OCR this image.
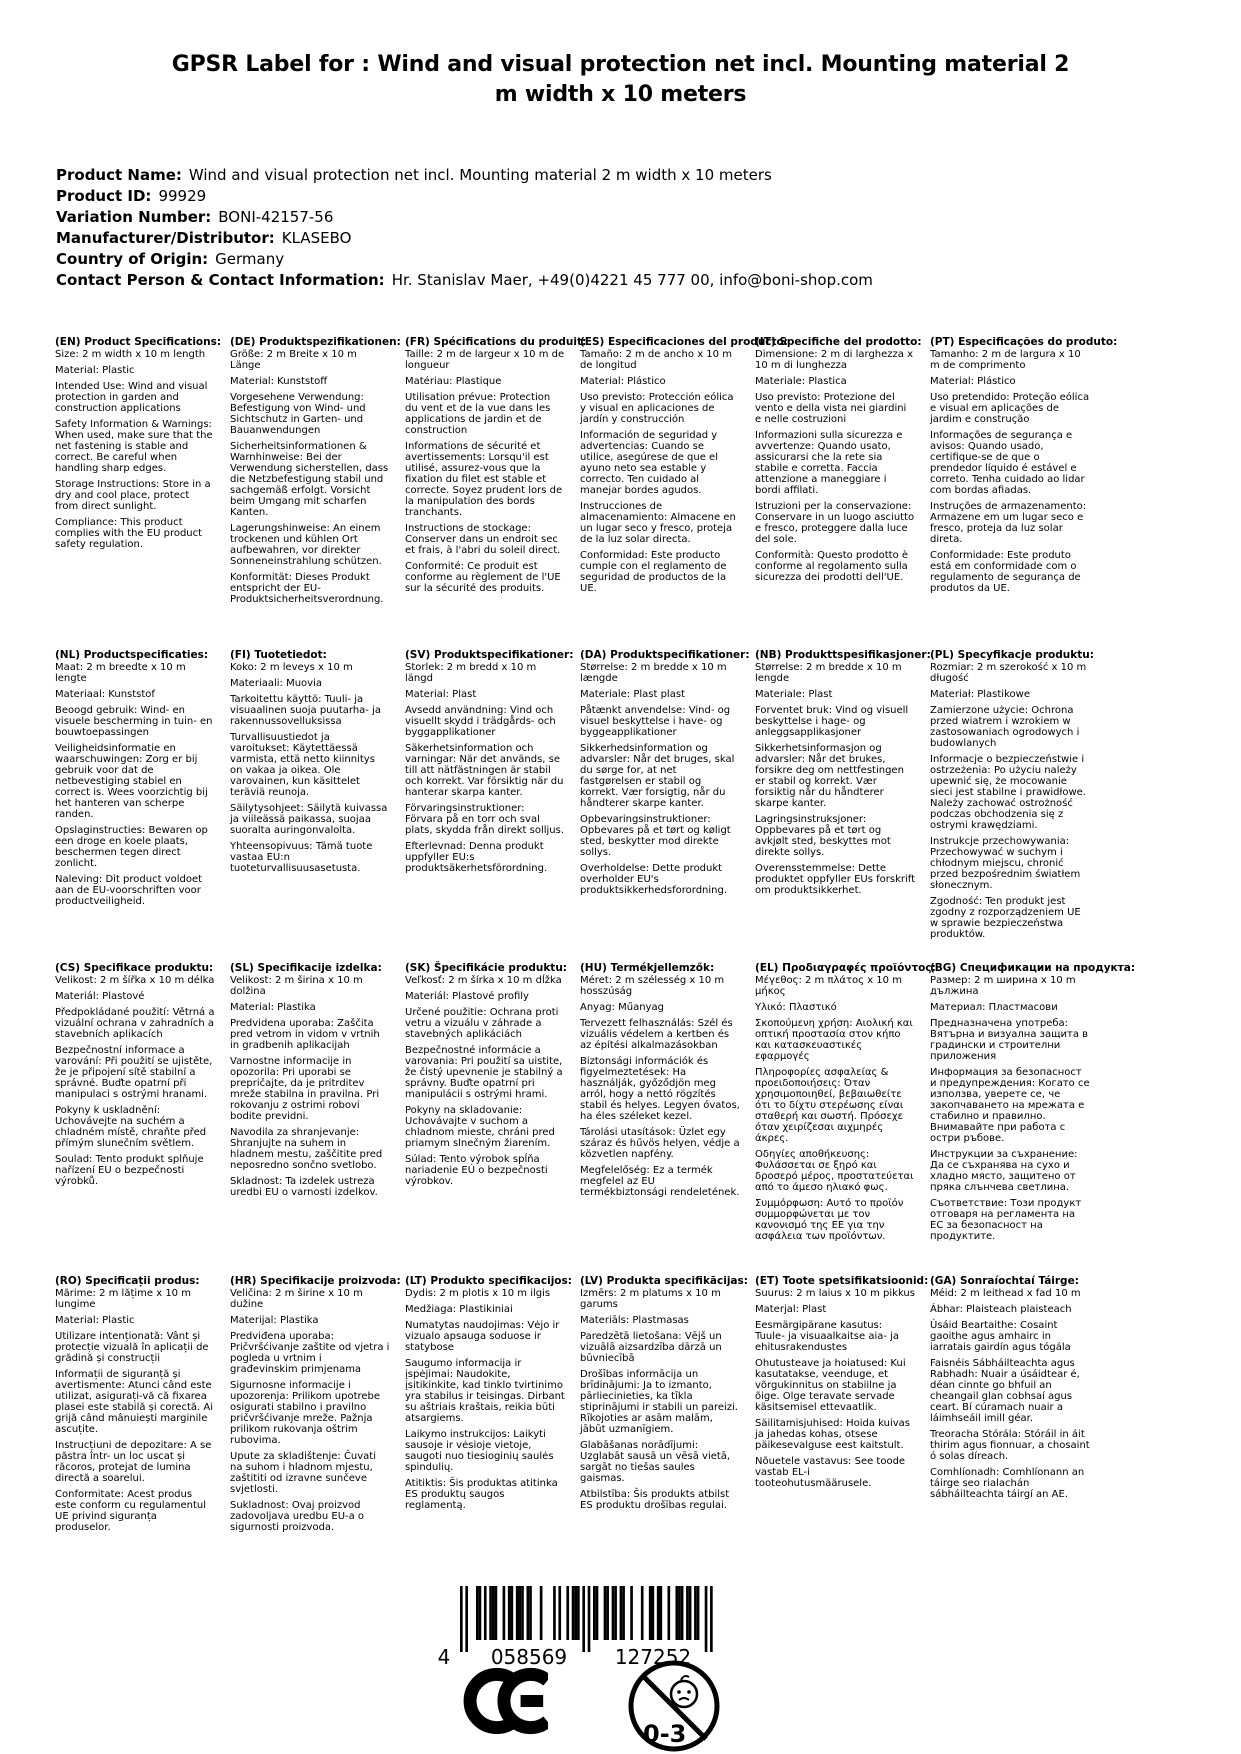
GPSR Label for : Wind and visual protection net incl. Mounting material 2 m width x 10 meters
Product Name: Wind and visual protection net incl. Mounting material 2 m width x 10 meters
Product ID: 99929
Variation Number: BONI-42157-56
Manufacturer/Distributor: KLASEBO
Country of Origin: Germany
Contact Person & Contact Information: Hr. Stanislav Maer, +49(0)4221 45 777 00, info@boni-shop.com
(EN) Product Specifications:

Size: 2 m width x 10 m length

Material: Plastic

Intended Use: Wind and visual protection in garden and construction applications

Safety Information & Warnings: When used, make sure that the net fastening is stable and correct. Be careful when handling sharp edges.

Storage Instructions: Store in a dry and cool place, protect from direct sunlight.

Compliance: This product complies with the EU product safety regulation.

(DE) Produktspezifikationen:

Größe: 2 m Breite x 10 m Länge

Material: Kunststoff

Vorgesehene Verwendung: Befestigung von Wind- und Sichtschutz in Garten- und Bauanwendungen

Sicherheitsinformationen & Warnhinweise: Bei der Verwendung sicherstellen, dass die Netzbefestigung stabil und sachgemäß erfolgt. Vorsicht beim Umgang mit scharfen Kanten.

Lagerungshinweise: An einem trockenen und kühlen Ort aufbewahren, vor direkter Sonneneinstrahlung schützen.

Konformität: Dieses Produkt entspricht der EU-Produktsicherheitsverordnung.

(FR) Spécifications du produit:

Taille: 2 m de largeur x 10 m de longueur

Matériau: Plastique

Utilisation prévue: Protection du vent et de la vue dans les applications de jardin et de construction

Informations de sécurité et avertissements: Lorsqu'il est utilisé, assurez-vous que la fixation du filet est stable et correcte. Soyez prudent lors de la manipulation des bords tranchants.

Instructions de stockage: Conserver dans un endroit sec et frais, à l'abri du soleil direct.

Conformité: Ce produit est conforme au règlement de l'UE sur la sécurité des produits.

(ES) Especificaciones del producto:

Tamaño: 2 m de ancho x 10 m de longitud

Material: Plástico

Uso previsto: Protección eólica y visual en aplicaciones de jardín y construcción

Información de seguridad y advertencias: Cuando se utilice, asegúrese de que el ayuno neto sea estable y correcto. Ten cuidado al manejar bordes agudos.

Instrucciones de almacenamiento: Almacene en un lugar seco y fresco, proteja de la luz solar directa.

Conformidad: Este producto cumple con el reglamento de seguridad de productos de la UE.

(IT) Specifiche del prodotto:

Dimensione: 2 m di larghezza x 10 m di lunghezza

Materiale: Plastica

Uso previsto: Protezione del vento e della vista nei giardini e nelle costruzioni

Informazioni sulla sicurezza e avvertenze: Quando usato, assicurarsi che la rete sia stabile e corretta. Faccia attenzione a maneggiare i bordi affilati.

Istruzioni per la conservazione: Conservare in un luogo asciutto e fresco, proteggere dalla luce del sole.

Conformità: Questo prodotto è conforme al regolamento sulla sicurezza dei prodotti dell'UE.

(PT) Especificações do produto:

Tamanho: 2 m de largura x 10 m de comprimento

Material: Plástico

Uso pretendido: Proteção eólica e visual em aplicações de jardim e construção

Informações de segurança e avisos: Quando usado, certifique-se de que o prendedor líquido é estável e correto. Tenha cuidado ao lidar com bordas afiadas.

Instruções de armazenamento: Armazene em um lugar seco e fresco, proteja da luz solar direta.

Conformidade: Este produto está em conformidade com o regulamento de segurança de produtos da UE.

(NL) Productspecificaties:

Maat: 2 m breedte x 10 m lengte

Materiaal: Kunststof

Beoogd gebruik: Wind- en visuele bescherming in tuin- en bouwtoepassingen

Veiligheidsinformatie en waarschuwingen: Zorg er bij gebruik voor dat de netbevestiging stabiel en correct is. Wees voorzichtig bij het hanteren van scherpe randen.

Opslaginstructies: Bewaren op een droge en koele plaats, beschermen tegen direct zonlicht.

Naleving: Dit product voldoet aan de EU-voorschriften voor productveiligheid.

(FI) Tuotetiedot:

Koko: 2 m leveys x 10 m

Materiaali: Muovia

Tarkoitettu käyttö: Tuuli- ja visuaalinen suoja puutarha- ja rakennussovelluksissa

Turvallisuustiedot ja varoitukset: Käytettäessä varmista, että netto kiinnitys on vakaa ja oikea. Ole varovainen, kun käsittelet teräviä reunoja.

Säilytysohjeet: Säilytä kuivassa ja viileässä paikassa, suojaa suoralta auringonvalolta.

Yhteensopivuus: Tämä tuote vastaa EU:n tuoteturvallisuusasetusta.

(SV) Produktspecifikationer:

Storlek: 2 m bredd x 10 m längd

Material: Plast

Avsedd användning: Vind och visuellt skydd i trädgårds- och byggapplikationer

Säkerhetsinformation och varningar: När det används, se till att nätfästningen är stabil och korrekt. Var försiktig när du hanterar skarpa kanter.

Förvaringsinstruktioner: Förvara på en torr och sval plats, skydda från direkt solljus.

Efterlevnad: Denna produkt uppfyller EU:s produktsäkerhetsförordning.

(DA) Produktspecifikationer:

Størrelse: 2 m bredde x 10 m længde

Materiale: Plast plast

Påtænkt anvendelse: Vind- og visuel beskyttelse i have- og byggeapplikationer

Sikkerhedsinformation og advarsler: Når det bruges, skal du sørge for, at net fastgørelsen er stabil og korrekt. Vær forsigtig, når du håndterer skarpe kanter.

Opbevaringsinstruktioner: Opbevares på et tørt og køligt sted, beskytter mod direkte sollys.

Overholdelse: Dette produkt overholder EU's produktsikkerhedsforordning.

(NB) Produkttspesifikasjoner:

Størrelse: 2 m bredde x 10 m lengde

Materiale: Plast

Forventet bruk: Vind og visuell beskyttelse i hage- og anleggsapplikasjoner

Sikkerhetsinformasjon og advarsler: Når det brukes, forsikre deg om nettfestingen er stabil og korrekt. Vær forsiktig når du håndterer skarpe kanter.

Lagringsinstruksjoner: Oppbevares på et tørt og avkjølt sted, beskyttes mot direkte sollys.

Overensstemmelse: Dette produktet oppfyller EUs forskrift om produktsikkerhet.

(PL) Specyfikacje produktu:

Rozmiar: 2 m szerokość x 10 m długość

Materiał: Plastikowe

Zamierzone użycie: Ochrona przed wiatrem i wzrokiem w zastosowaniach ogrodowych i budowlanych

Informacje o bezpieczeństwie i ostrzeżenia: Po użyciu należy upewnić się, że mocowanie sieci jest stabilne i prawidłowe. Należy zachować ostrożność podczas obchodzenia się z ostrymi krawędziami.

Instrukcje przechowywania: Przechowywać w suchym i chłodnym miejscu, chronić przed bezpośrednim światłem słonecznym.

Zgodność: Ten produkt jest zgodny z rozporządzeniem UE w sprawie bezpieczeństwa produktów.

(CS) Specifikace produktu:

Velikost: 2 m šířka x 10 m délka

Materiál: Plastové

Předpokládané použití: Větrná a vizuální ochrana v zahradních a stavebních aplikacích

Bezpečnostní informace a varování: Při použití se ujistěte, že je připojení sítě stabilní a správné. Buďte opatrní při manipulaci s ostrými hranami.

Pokyny k uskladnění: Uchovávejte na suchém a chladném místě, chraňte před přímým slunečním světlem.

Soulad: Tento produkt splňuje nařízení EU o bezpečnosti výrobků.

(SL) Specifikacije izdelka:

Velikost: 2 m širina x 10 m dolžina

Material: Plastika

Predvidena uporaba: Zaščita pred vetrom in vidom v vrtnih in gradbenih aplikacijah

Varnostne informacije in opozorila: Pri uporabi se prepričajte, da je pritrditev mreže stabilna in pravilna. Pri rokovanju z ostrimi robovi bodite previdni.

Navodila za shranjevanje: Shranjujte na suhem in hladnem mestu, zaščitite pred neposredno sončno svetlobo.

Skladnost: Ta izdelek ustreza uredbi EU o varnosti izdelkov.

(SK) Špecifikácie produktu:

Veľkosť: 2 m šírka x 10 m dĺžka

Materiál: Plastové profily

Určené použitie: Ochrana proti vetru a vizuálu v záhrade a stavebných aplikáciách

Bezpečnostné informácie a varovania: Pri použití sa uistite, že čistý upevnenie je stabilný a správny. Buďte opatrní pri manipulácii s ostrými hrami.

Pokyny na skladovanie: Uchovávajte v suchom a chladnom mieste, chráni pred priamym slnečným žiarením.

Súlad: Tento výrobok spĺňa nariadenie EÚ o bezpečnosti výrobkov.

(HU) Termékjellemzők:

Méret: 2 m szélesség x 10 m hosszúság

Anyag: Műanyag

Tervezett felhasználás: Szél és vizuális védelem a kertben és az építési alkalmazásokban

Biztonsági információk és figyelmeztetések: Ha használják, győződjön meg arról, hogy a nettó rögzítés stabil és helyes. Legyen óvatos, ha éles széleket kezel.

Tárolási utasítások: Üzlet egy száraz és hűvös helyen, védje a közvetlen napfény.

Megfelelőség: Ez a termék megfelel az EU termékbiztonsági rendeletének.

(EL) Προδιαγραφές προϊόντος:

Μέγεθος: 2 m πλάτος x 10 m μήκος

Υλικό: Πλαστικό

Σκοπούμενη χρήση: Αιολική και οπτική προστασία στον κήπο και κατασκευαστικές εφαρμογές

Πληροφορίες ασφαλείας & προειδοποιήσεις: Όταν χρησιμοποιηθεί, βεβαιωθείτε ότι το δίχτυ στερέωσης είναι σταθερή και σωστή. Πρόσεχε όταν χειρίζεσαι αιχμηρές άκρες.

Οδηγίες αποθήκευσης: Φυλάσσεται σε ξηρό και δροσερό μέρος, προστατεύεται από το άμεσο ηλιακό φως.

Συμμόρφωση: Αυτό το προϊόν συμμορφώνεται με τον κανονισμό της ΕΕ για την ασφάλεια των προϊόντων.

(BG) Спецификации на продукта:

Размер: 2 m ширина x 10 m дължина

Материал: Пластмасови

Предназначена употреба: Вятърна и визуална защита в градински и строителни приложения

Информация за безопасност и предупреждения: Когато се използва, уверете се, че закопчаването на мрежата е стабилно и правилно. Внимавайте при работа с остри ръбове.

Инструкции за съхранение: Да се съхранява на сухо и хладно място, защитено от пряка слънчева светлина.

Съответствие: Този продукт отговаря на регламента на ЕС за безопасност на продуктите.

(RO) Specificații produs:

Mărime: 2 m lățime x 10 m lungime

Material: Plastic

Utilizare intenționată: Vânt și protecție vizuală în aplicații de grădină și construcții

Informații de siguranță și avertismente: Atunci când este utilizat, asigurați-vă că fixarea plasei este stabilă și corectă. Ai grijă când mânuiești marginile ascuțite.

Instrucțiuni de depozitare: A se păstra într- un loc uscat și răcoros, protejat de lumina directă a soarelui.

Conformitate: Acest produs este conform cu regulamentul UE privind siguranța produselor.

(HR) Specifikacije proizvoda:

Veličina: 2 m širine x 10 m dužine

Materijal: Plastika

Predviđena uporaba: Pričvršćivanje zaštite od vjetra i pogleda u vrtnim i građevinskim primjenama

Sigurnosne informacije i upozorenja: Prilikom upotrebe osigurati stabilno i pravilno pričvršćivanje mreže. Pažnja prilikom rukovanja oštrim rubovima.

Upute za skladištenje: Čuvati na suhom i hladnom mjestu, zaštititi od izravne sunčeve svjetlosti.

Sukladnost: Ovaj proizvod zadovoljava uredbu EU-a o sigurnosti proizvoda.

(LT) Produkto specifikacijos:

Dydis: 2 m plotis x 10 m ilgis

Medžiaga: Plastikiniai

Numatytas naudojimas: Vėjo ir vizualo apsauga soduose ir statybose

Saugumo informacija ir įspėjimai: Naudokite, įsitikinkite, kad tinklo tvirtinimo yra stabilus ir teisingas. Dirbant su aštriais kraštais, reikia būti atsargiems.

Laikymo instrukcijos: Laikyti sausoje ir vėsioje vietoje, saugoti nuo tiesioginių saulės spindulių.

Atitiktis: Šis produktas atitinka ES produktų saugos reglamentą.

(LV) Produkta specifikācijas:

Izmērs: 2 m platums x 10 m garums

Materiāls: Plastmasas

Paredzētā lietošana: Vējš un vizuālā aizsardzība dārzā un būvniecībā

Drošības informācija un brīdinājumi: Ja to izmanto, pārliecinieties, ka tīkla stiprinājumi ir stabili un pareizi. Rīkojoties ar asām malām, jābūt uzmanīgiem.

Glabāšanas norādījumi: Uzglabāt sausā un vēsā vietā, sargāt no tiešas saules gaismas.

Atbilstība: Šis produkts atbilst ES produktu drošības regulai.

(ET) Toote spetsifikatsioonid:

Suurus: 2 m laius x 10 m pikkus

Materjal: Plast

Eesmärgipärane kasutus: Tuule- ja visuaalkaitse aia- ja ehitusrakendustes

Ohutusteave ja hoiatused: Kui kasutatakse, veenduge, et võrgukinnitus on stabiilne ja õige. Olge teravate servade käsitsemisel ettevaatlik.

Säilitamisjuhised: Hoida kuivas ja jahedas kohas, otsese päikesevalguse eest kaitstult.

Nõuetele vastavus: See toode vastab EL-i tooteohutusmäärusele.

(GA) Sonraíochtaí Táirge:

Méid: 2 m leithead x fad 10 m

Ábhar: Plaisteach plaisteach

Úsáid Beartaithe: Cosaint gaoithe agus amhairc in iarratais gairdín agus tógála

Faisnéis Sábháilteachta agus Rabhadh: Nuair a úsáidtear é, déan cinnte go bhfuil an cheangail glan cobhsaí agus ceart. Bí cúramach nuair a láimhseáil imill géar.

Treoracha Stórála: Stóráil in áit thirim agus fionnuar, a chosaint ó solas díreach.

Comhlíonadh: Comhlíonann an táirge seo rialachán sábháilteachta táirgí an AE.

4 058569 127252
0-3
